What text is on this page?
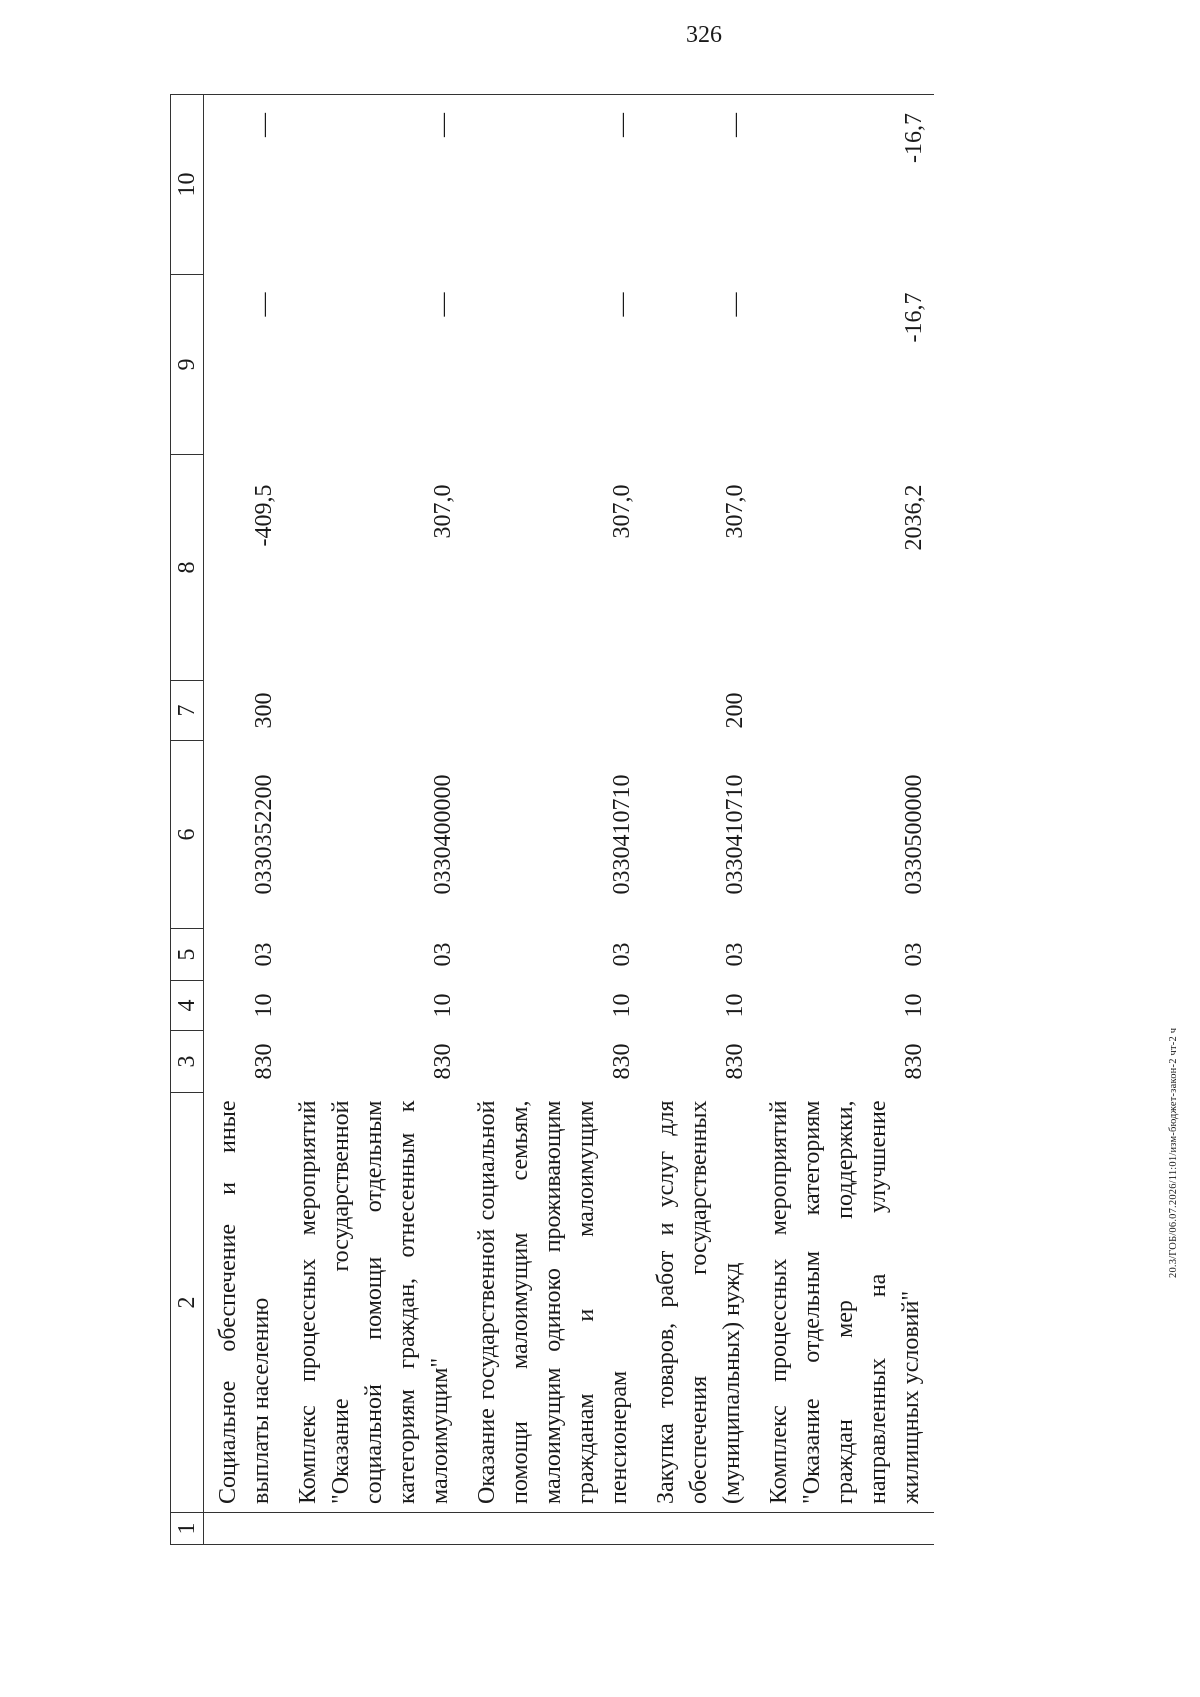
326
1	2	3	4	5	6	7	8	9	10
	Социальное обеспечение и иные выплаты населению	830	10	03	0330352200	300	-409,5	—	—
	Комплекс процессных мероприятий "Оказание государственной социальной помощи отдельным категориям граждан, отнесенным к малоимущим"	830	10	03	0330400000		307,0	—	—
	Оказание государственной социальной помощи малоимущим семьям, малоимущим одиноко проживающим гражданам и малоимущим пенсионерам	830	10	03	0330410710		307,0	—	—
	Закупка товаров, работ и услуг для обеспечения государственных (муниципальных) нужд	830	10	03	0330410710	200	307,0	—	—
	Комплекс процессных мероприятий "Оказание отдельным категориям граждан мер поддержки, направленных на улучшение жилищных условий"	830	10	03	0330500000		2036,2	-16,7	-16,7
20.3/ГОБ/06.07.2026/11:01/изм-бюджет-закон-2 чт-2 ч
